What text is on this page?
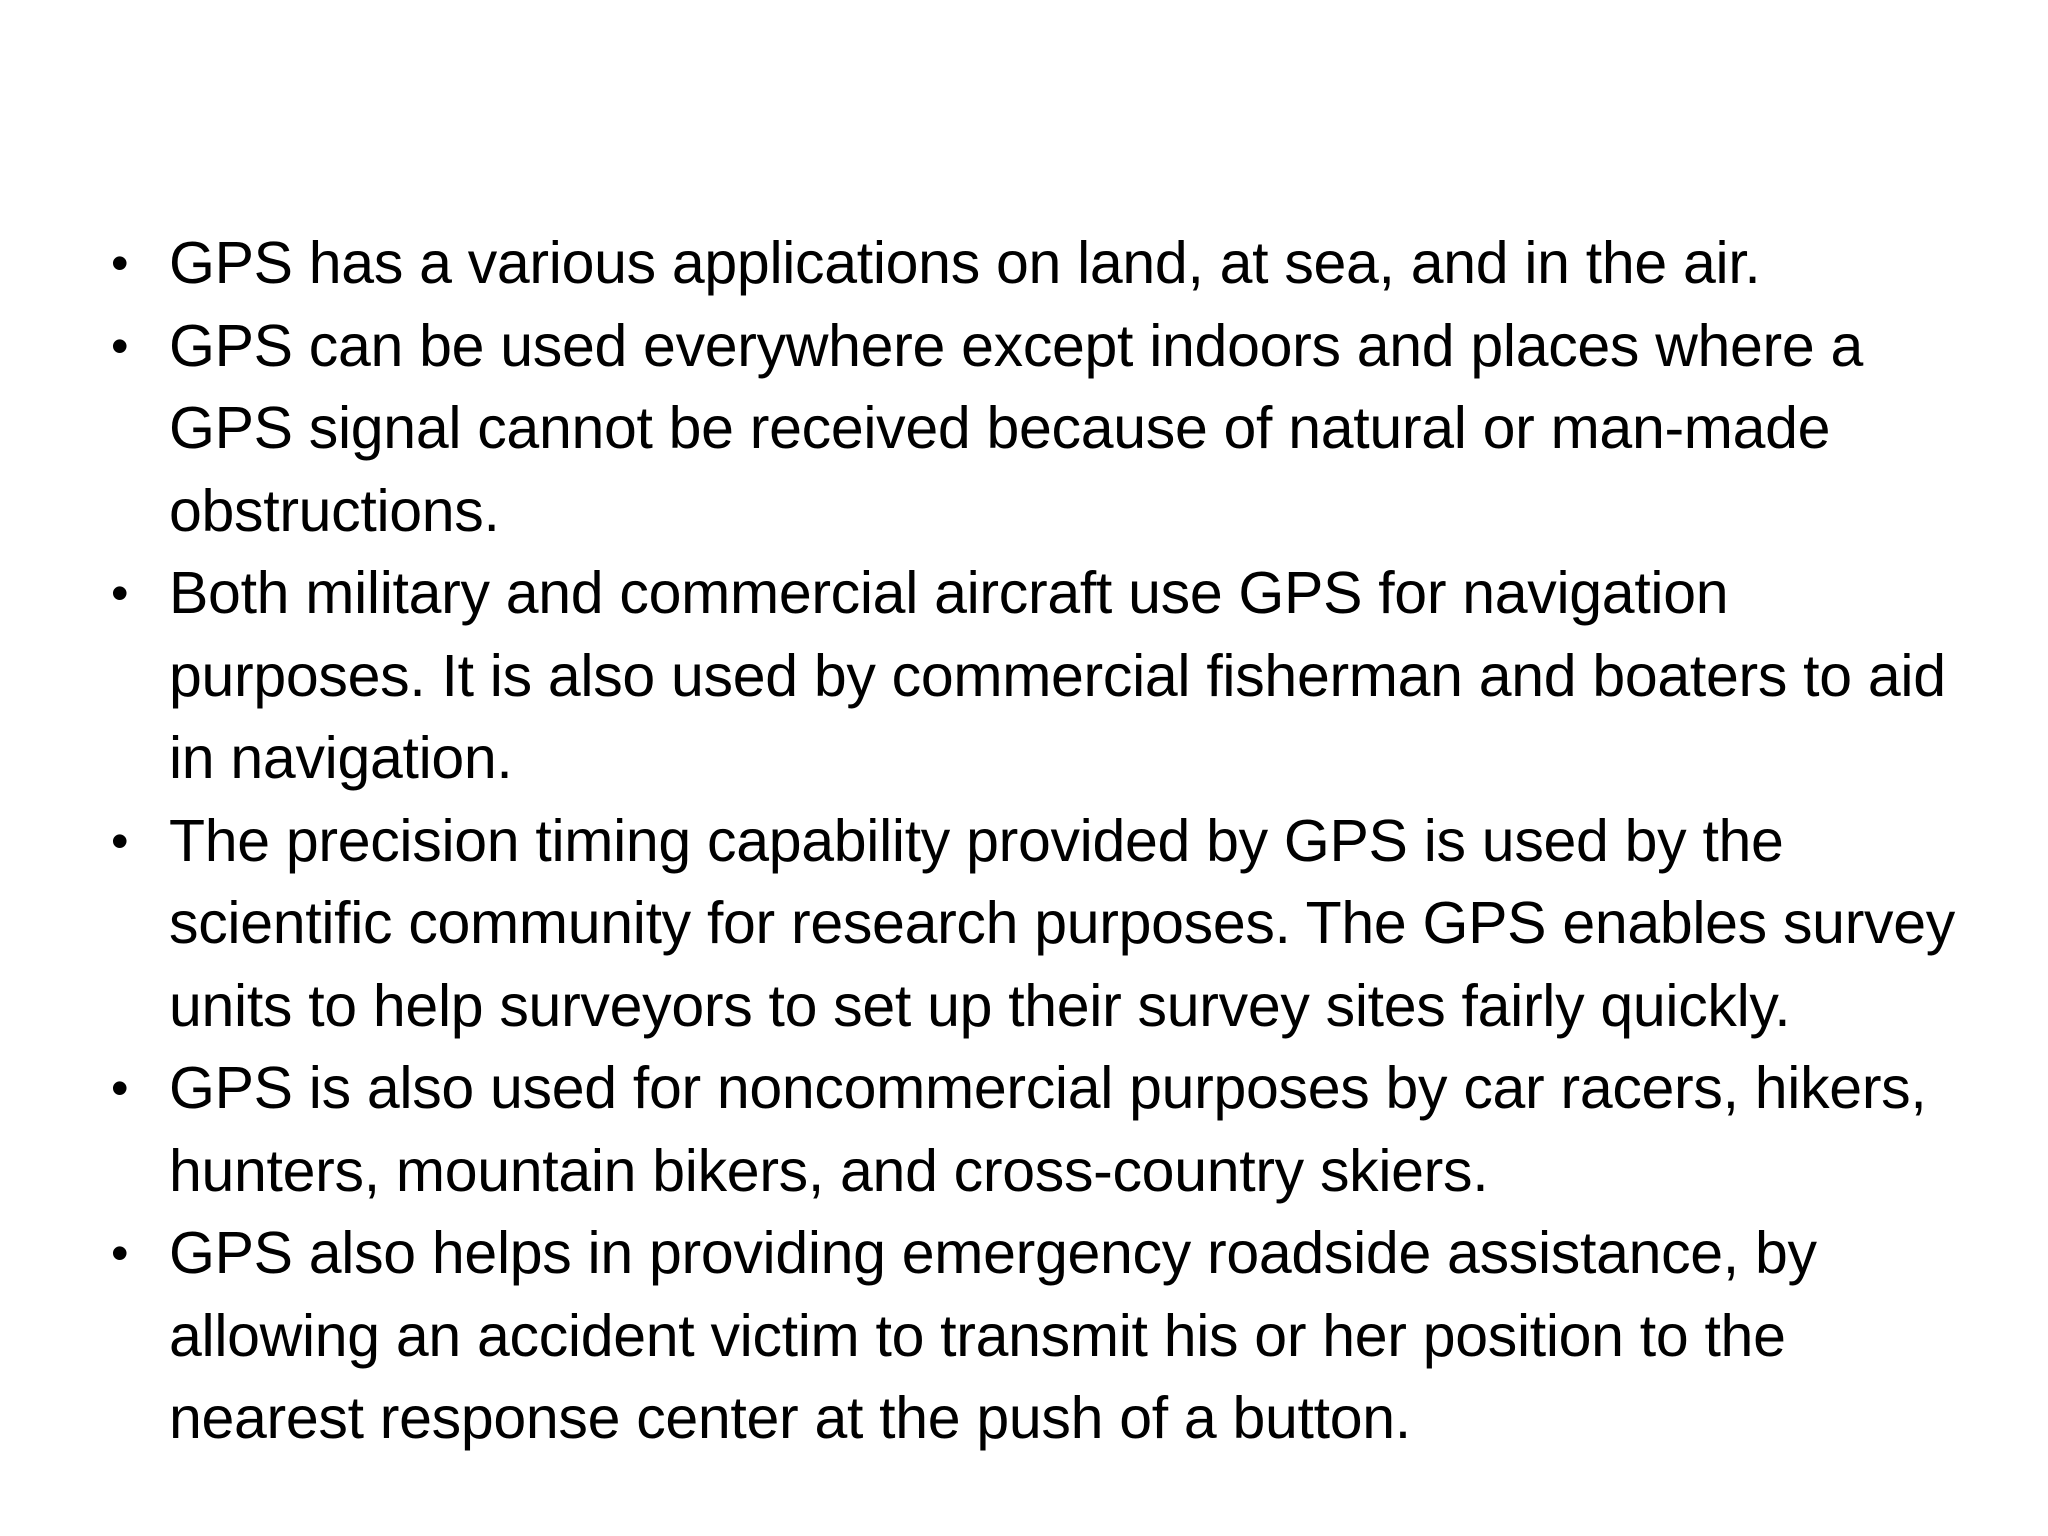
• GPS has a various applications on land, at sea, and in the air.
• GPS can be used everywhere except indoors and places where a GPS signal cannot be received because of natural or man-made obstructions.
• Both military and commercial aircraft use GPS for navigation purposes. It is also used by commercial fisherman and boaters to aid in navigation.
• The precision timing capability provided by GPS is used by the scientific community for research purposes. The GPS enables survey units to help surveyors to set up their survey sites fairly quickly.
• GPS is also used for noncommercial purposes by car racers, hikers, hunters, mountain bikers, and cross-country skiers.
• GPS also helps in providing emergency roadside assistance, by allowing an accident victim to transmit his or her position to the nearest response center at the push of a button.
